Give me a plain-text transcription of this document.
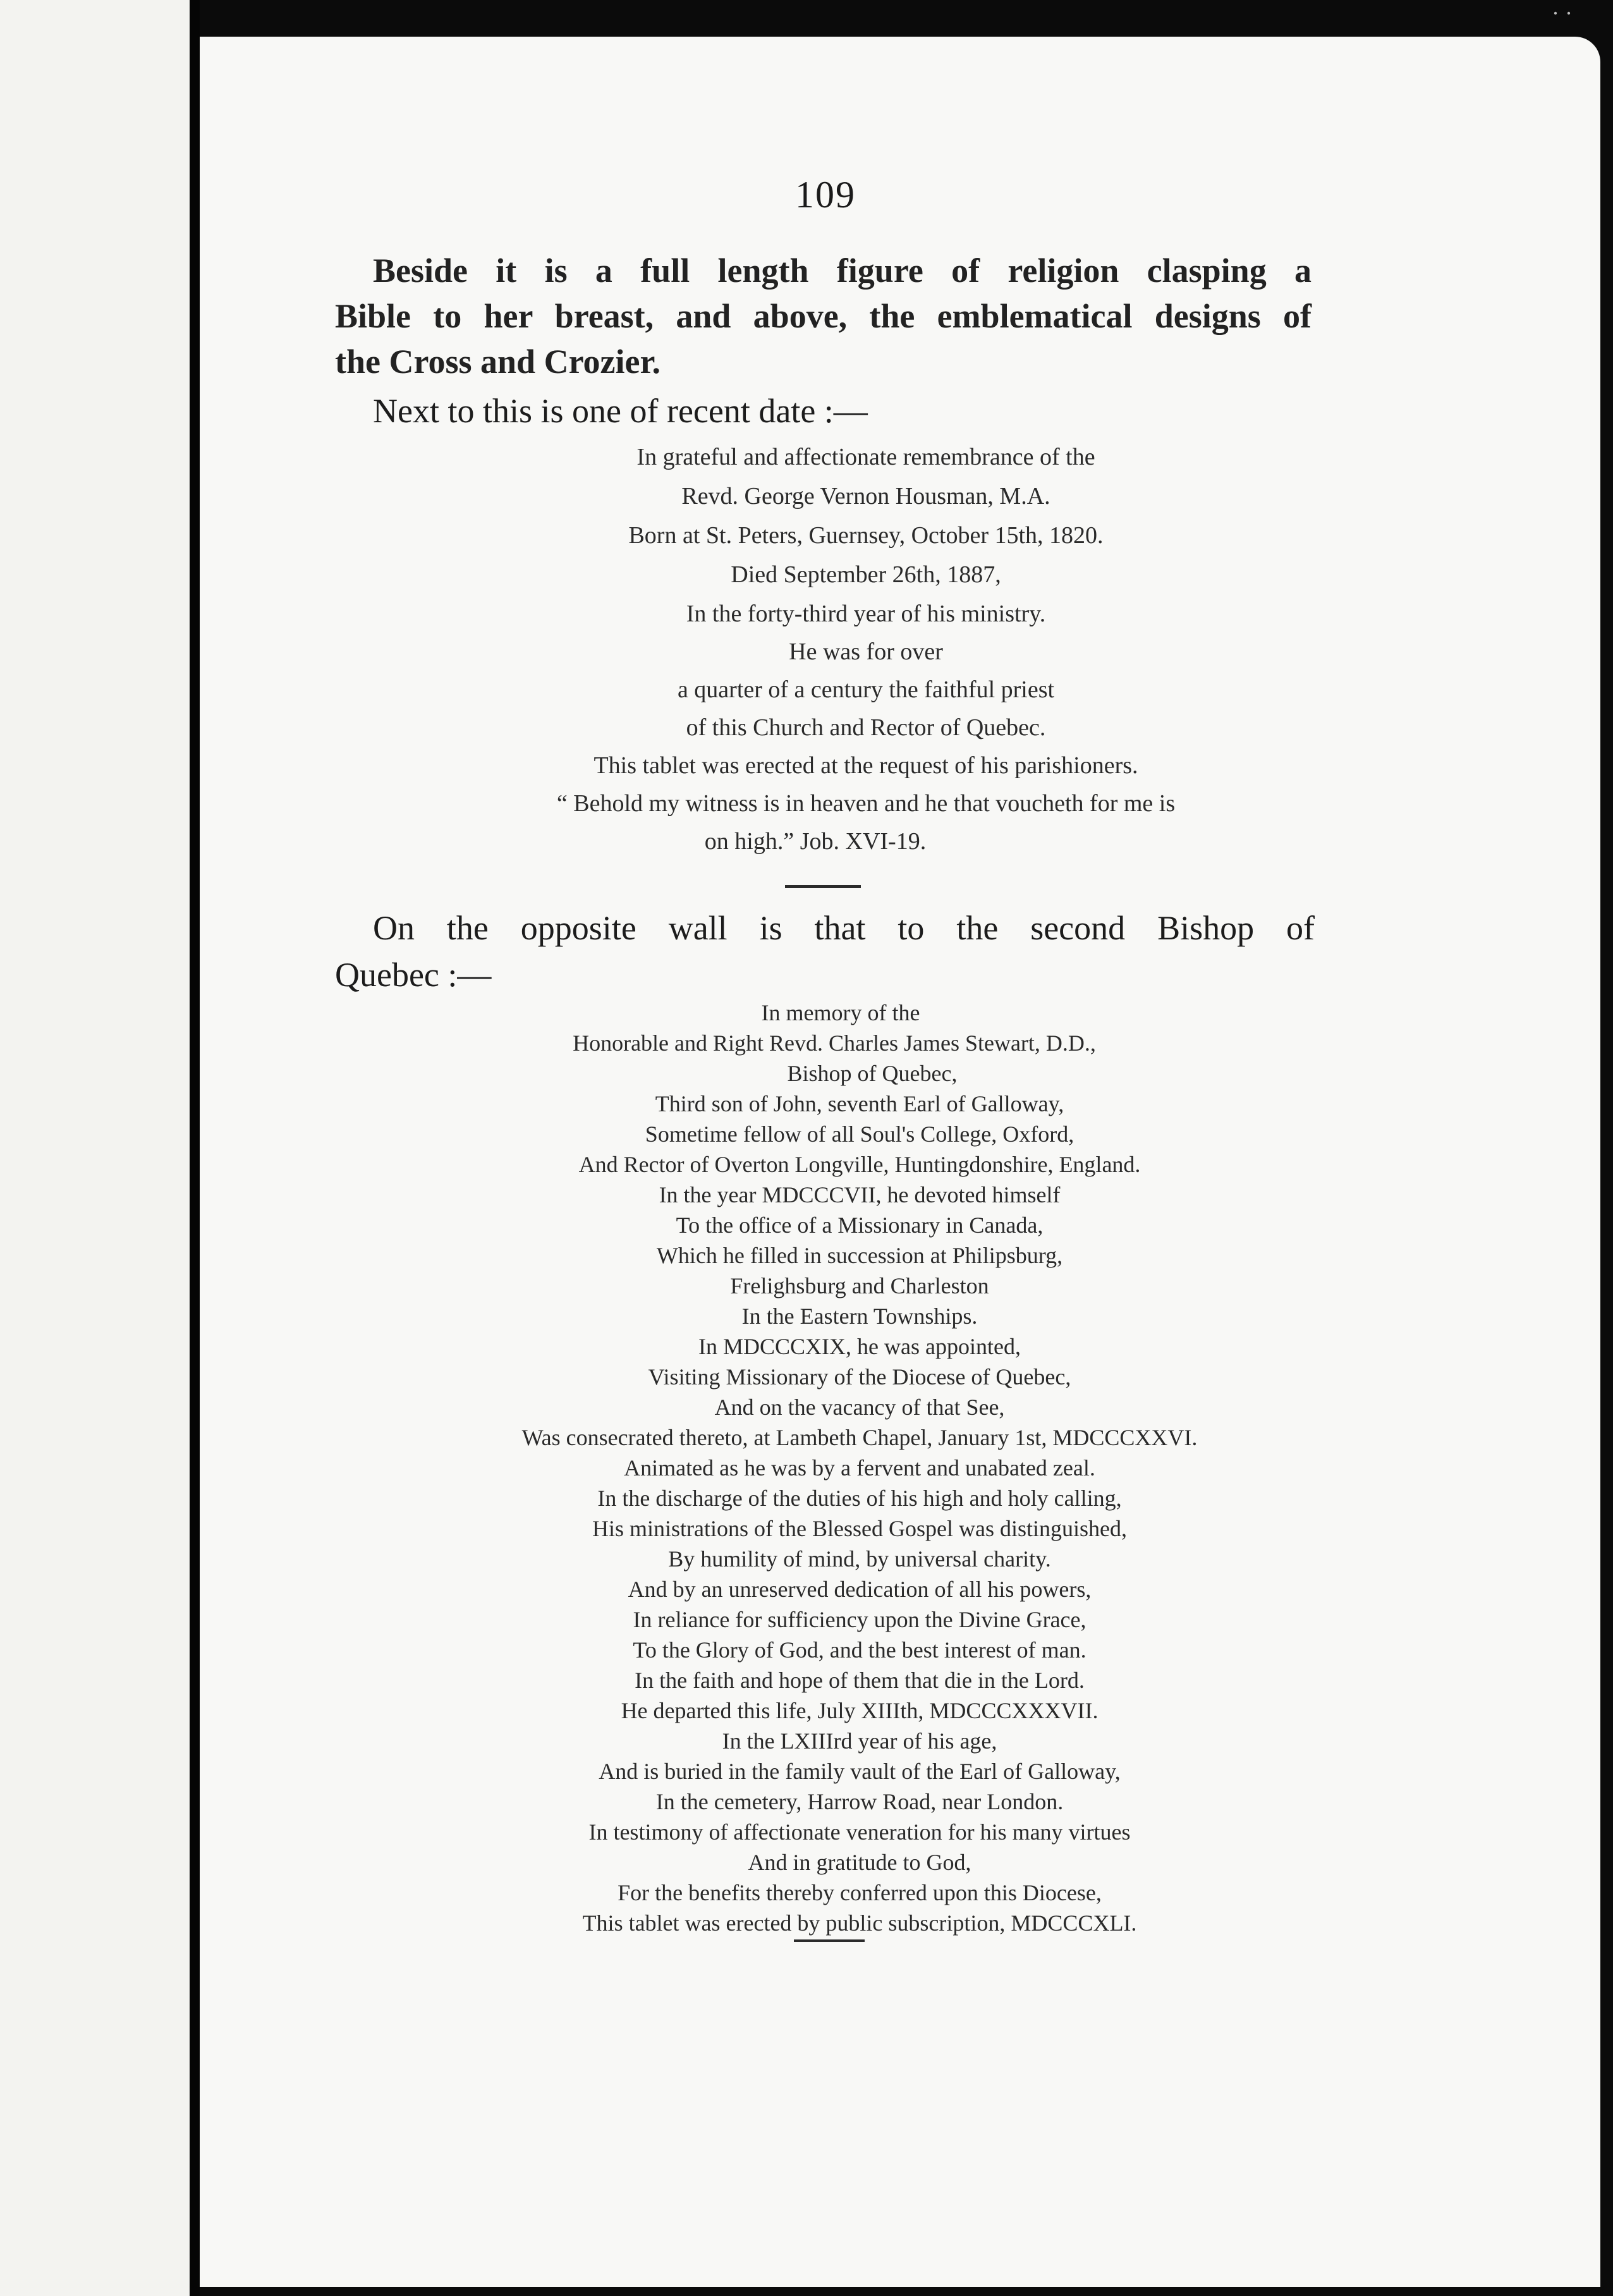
109
Beside it is a full length figure of religion clasping a
Bible to her breast, and above, the emblematical designs of
the Cross and Crozier.
Next to this is one of recent date :—
In grateful and affectionate remembrance of the
Revd. George Vernon Housman, M.A.
Born at St. Peters, Guernsey, October 15th, 1820.
Died September 26th, 1887,
In the forty-third year of his ministry.
He was for over
a quarter of a century the faithful priest
of this Church and Rector of Quebec.
This tablet was erected at the request of his parishioners.
“ Behold my witness is in heaven and he that voucheth for me is
on high.” Job. XVI-19.
On the opposite wall is that to the second Bishop of
Quebec :—
In memory of the
Honorable and Right Revd. Charles James Stewart, D.D.,
Bishop of Quebec,
Third son of John, seventh Earl of Galloway,
Sometime fellow of all Soul's College, Oxford,
And Rector of Overton Longville, Huntingdonshire, England.
In the year MDCCCVII, he devoted himself
To the office of a Missionary in Canada,
Which he filled in succession at Philipsburg,
Frelighsburg and Charleston
In the Eastern Townships.
In MDCCCXIX, he was appointed,
Visiting Missionary of the Diocese of Quebec,
And on the vacancy of that See,
Was consecrated thereto, at Lambeth Chapel, January 1st, MDCCCXXVI.
Animated as he was by a fervent and unabated zeal.
In the discharge of the duties of his high and holy calling,
His ministrations of the Blessed Gospel was distinguished,
By humility of mind, by universal charity.
And by an unreserved dedication of all his powers,
In reliance for sufficiency upon the Divine Grace,
To the Glory of God, and the best interest of man.
In the faith and hope of them that die in the Lord.
He departed this life, July XIIIth, MDCCCXXXVII.
In the LXIIIrd year of his age,
And is buried in the family vault of the Earl of Galloway,
In the cemetery, Harrow Road, near London.
In testimony of affectionate veneration for his many virtues
And in gratitude to God,
For the benefits thereby conferred upon this Diocese,
This tablet was erected by public subscription, MDCCCXLI.
· ·
